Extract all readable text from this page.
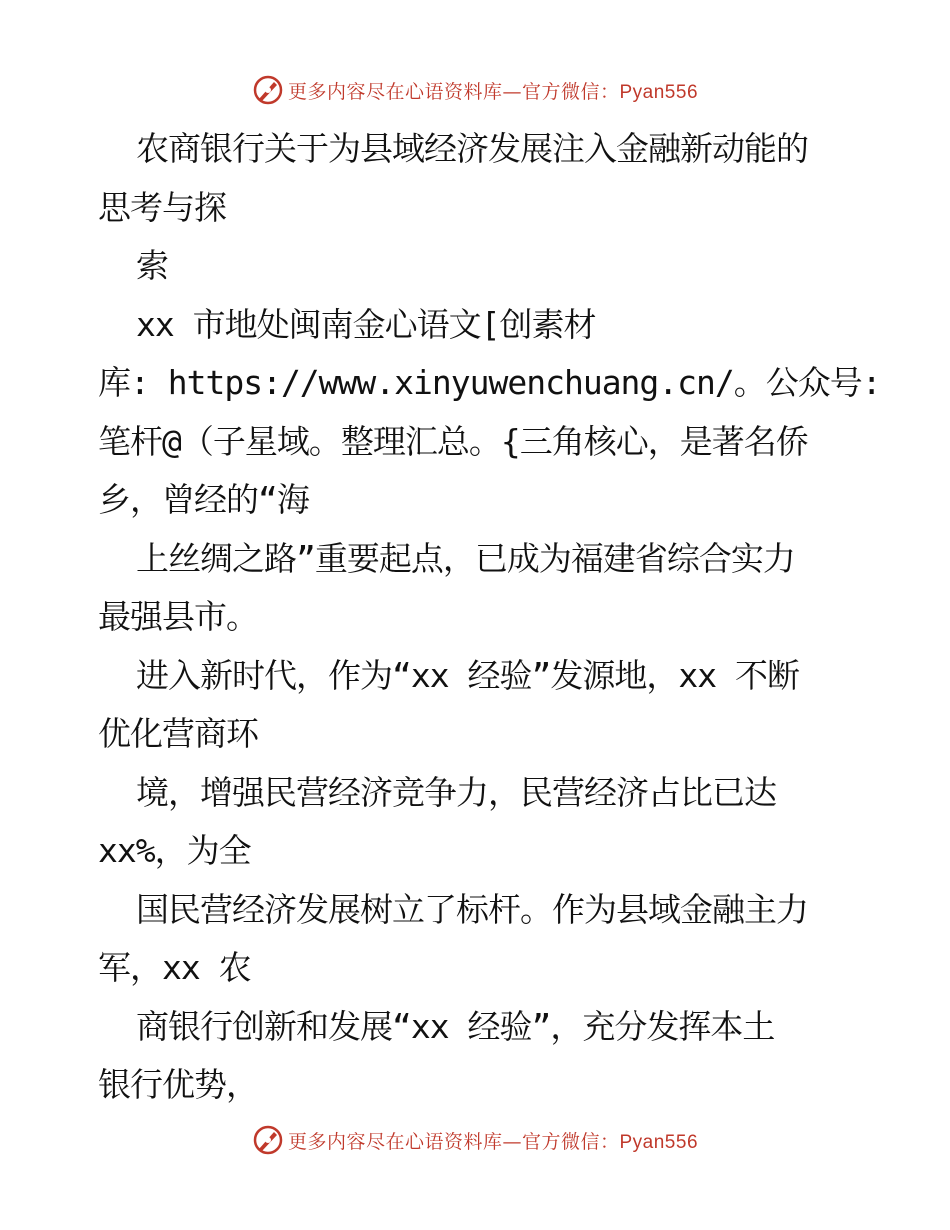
更多内容尽在心语资料库—官方微信：Pyan556
农商银行关于为县域经济发展注入金融新动能的
思考与探
索
xx 市地处闽南金心语文[创素材
库: https://www.xinyuwenchuang.cn/。公众号:
笔杆@（子星域。整理汇总。{三角核心，是著名侨
乡，曾经的“海
上丝绸之路”重要起点，已成为福建省综合实力
最强县市。
进入新时代，作为“xx 经验”发源地，xx 不断
优化营商环
境，增强民营经济竞争力，民营经济占比已达
xx%，为全
国民营经济发展树立了标杆。作为县域金融主力
军，xx 农
商银行创新和发展“xx 经验”，充分发挥本土
银行优势，
更多内容尽在心语资料库—官方微信：Pyan556
